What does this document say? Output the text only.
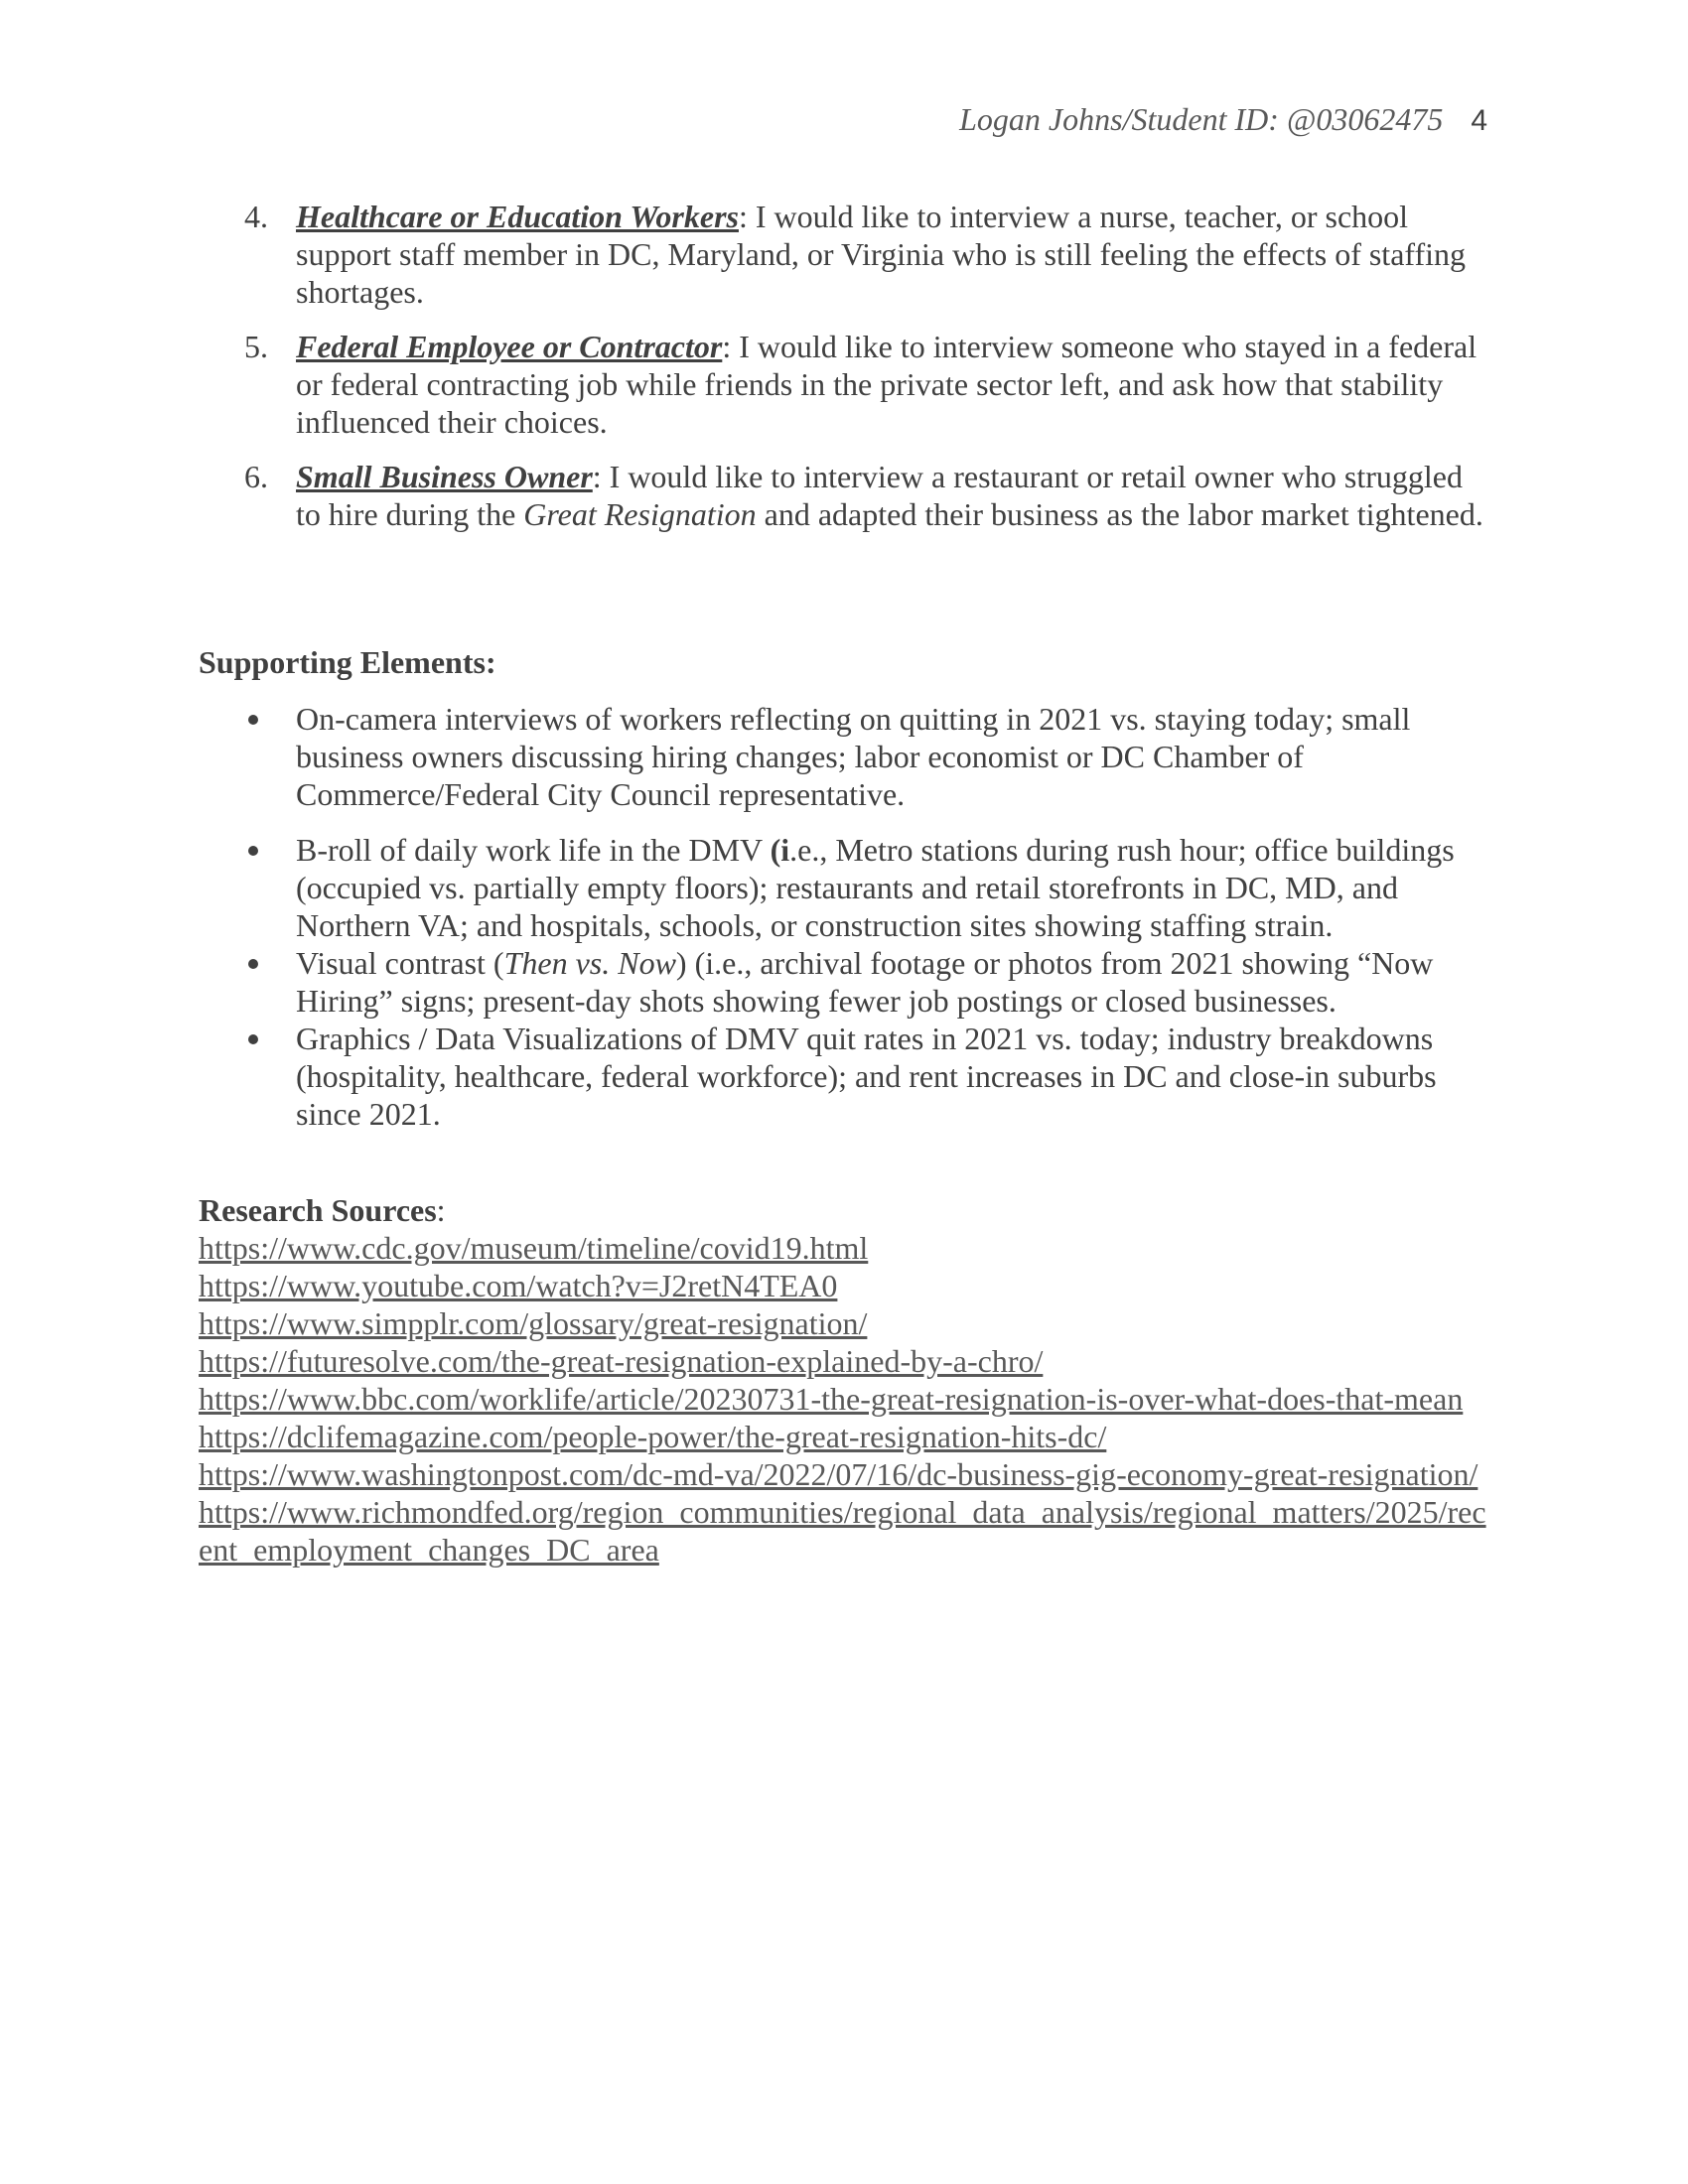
Logan Johns/Student ID: @03062475 4
4. Healthcare or Education Workers: I would like to interview a nurse, teacher, or school support staff member in DC, Maryland, or Virginia who is still feeling the effects of staffing shortages.
5. Federal Employee or Contractor: I would like to interview someone who stayed in a federal or federal contracting job while friends in the private sector left, and ask how that stability influenced their choices.
6. Small Business Owner: I would like to interview a restaurant or retail owner who struggled to hire during the Great Resignation and adapted their business as the labor market tightened.
Supporting Elements:
On-camera interviews of workers reflecting on quitting in 2021 vs. staying today; small business owners discussing hiring changes; labor economist or DC Chamber of Commerce/Federal City Council representative.
B-roll of daily work life in the DMV (i.e., Metro stations during rush hour; office buildings (occupied vs. partially empty floors); restaurants and retail storefronts in DC, MD, and Northern VA; and hospitals, schools, or construction sites showing staffing strain.
Visual contrast (Then vs. Now) (i.e., archival footage or photos from 2021 showing “Now Hiring” signs; present-day shots showing fewer job postings or closed businesses.
Graphics / Data Visualizations of DMV quit rates in 2021 vs. today; industry breakdowns (hospitality, healthcare, federal workforce); and rent increases in DC and close-in suburbs since 2021.
Research Sources:
https://www.cdc.gov/museum/timeline/covid19.html
https://www.youtube.com/watch?v=J2retN4TEA0
https://www.simpplr.com/glossary/great-resignation/
https://futuresolve.com/the-great-resignation-explained-by-a-chro/
https://www.bbc.com/worklife/article/20230731-the-great-resignation-is-over-what-does-that-mean
https://dclifemagazine.com/people-power/the-great-resignation-hits-dc/
https://www.washingtonpost.com/dc-md-va/2022/07/16/dc-business-gig-economy-great-resignation/
https://www.richmondfed.org/region_communities/regional_data_analysis/regional_matters/2025/recent_employment_changes_DC_area
